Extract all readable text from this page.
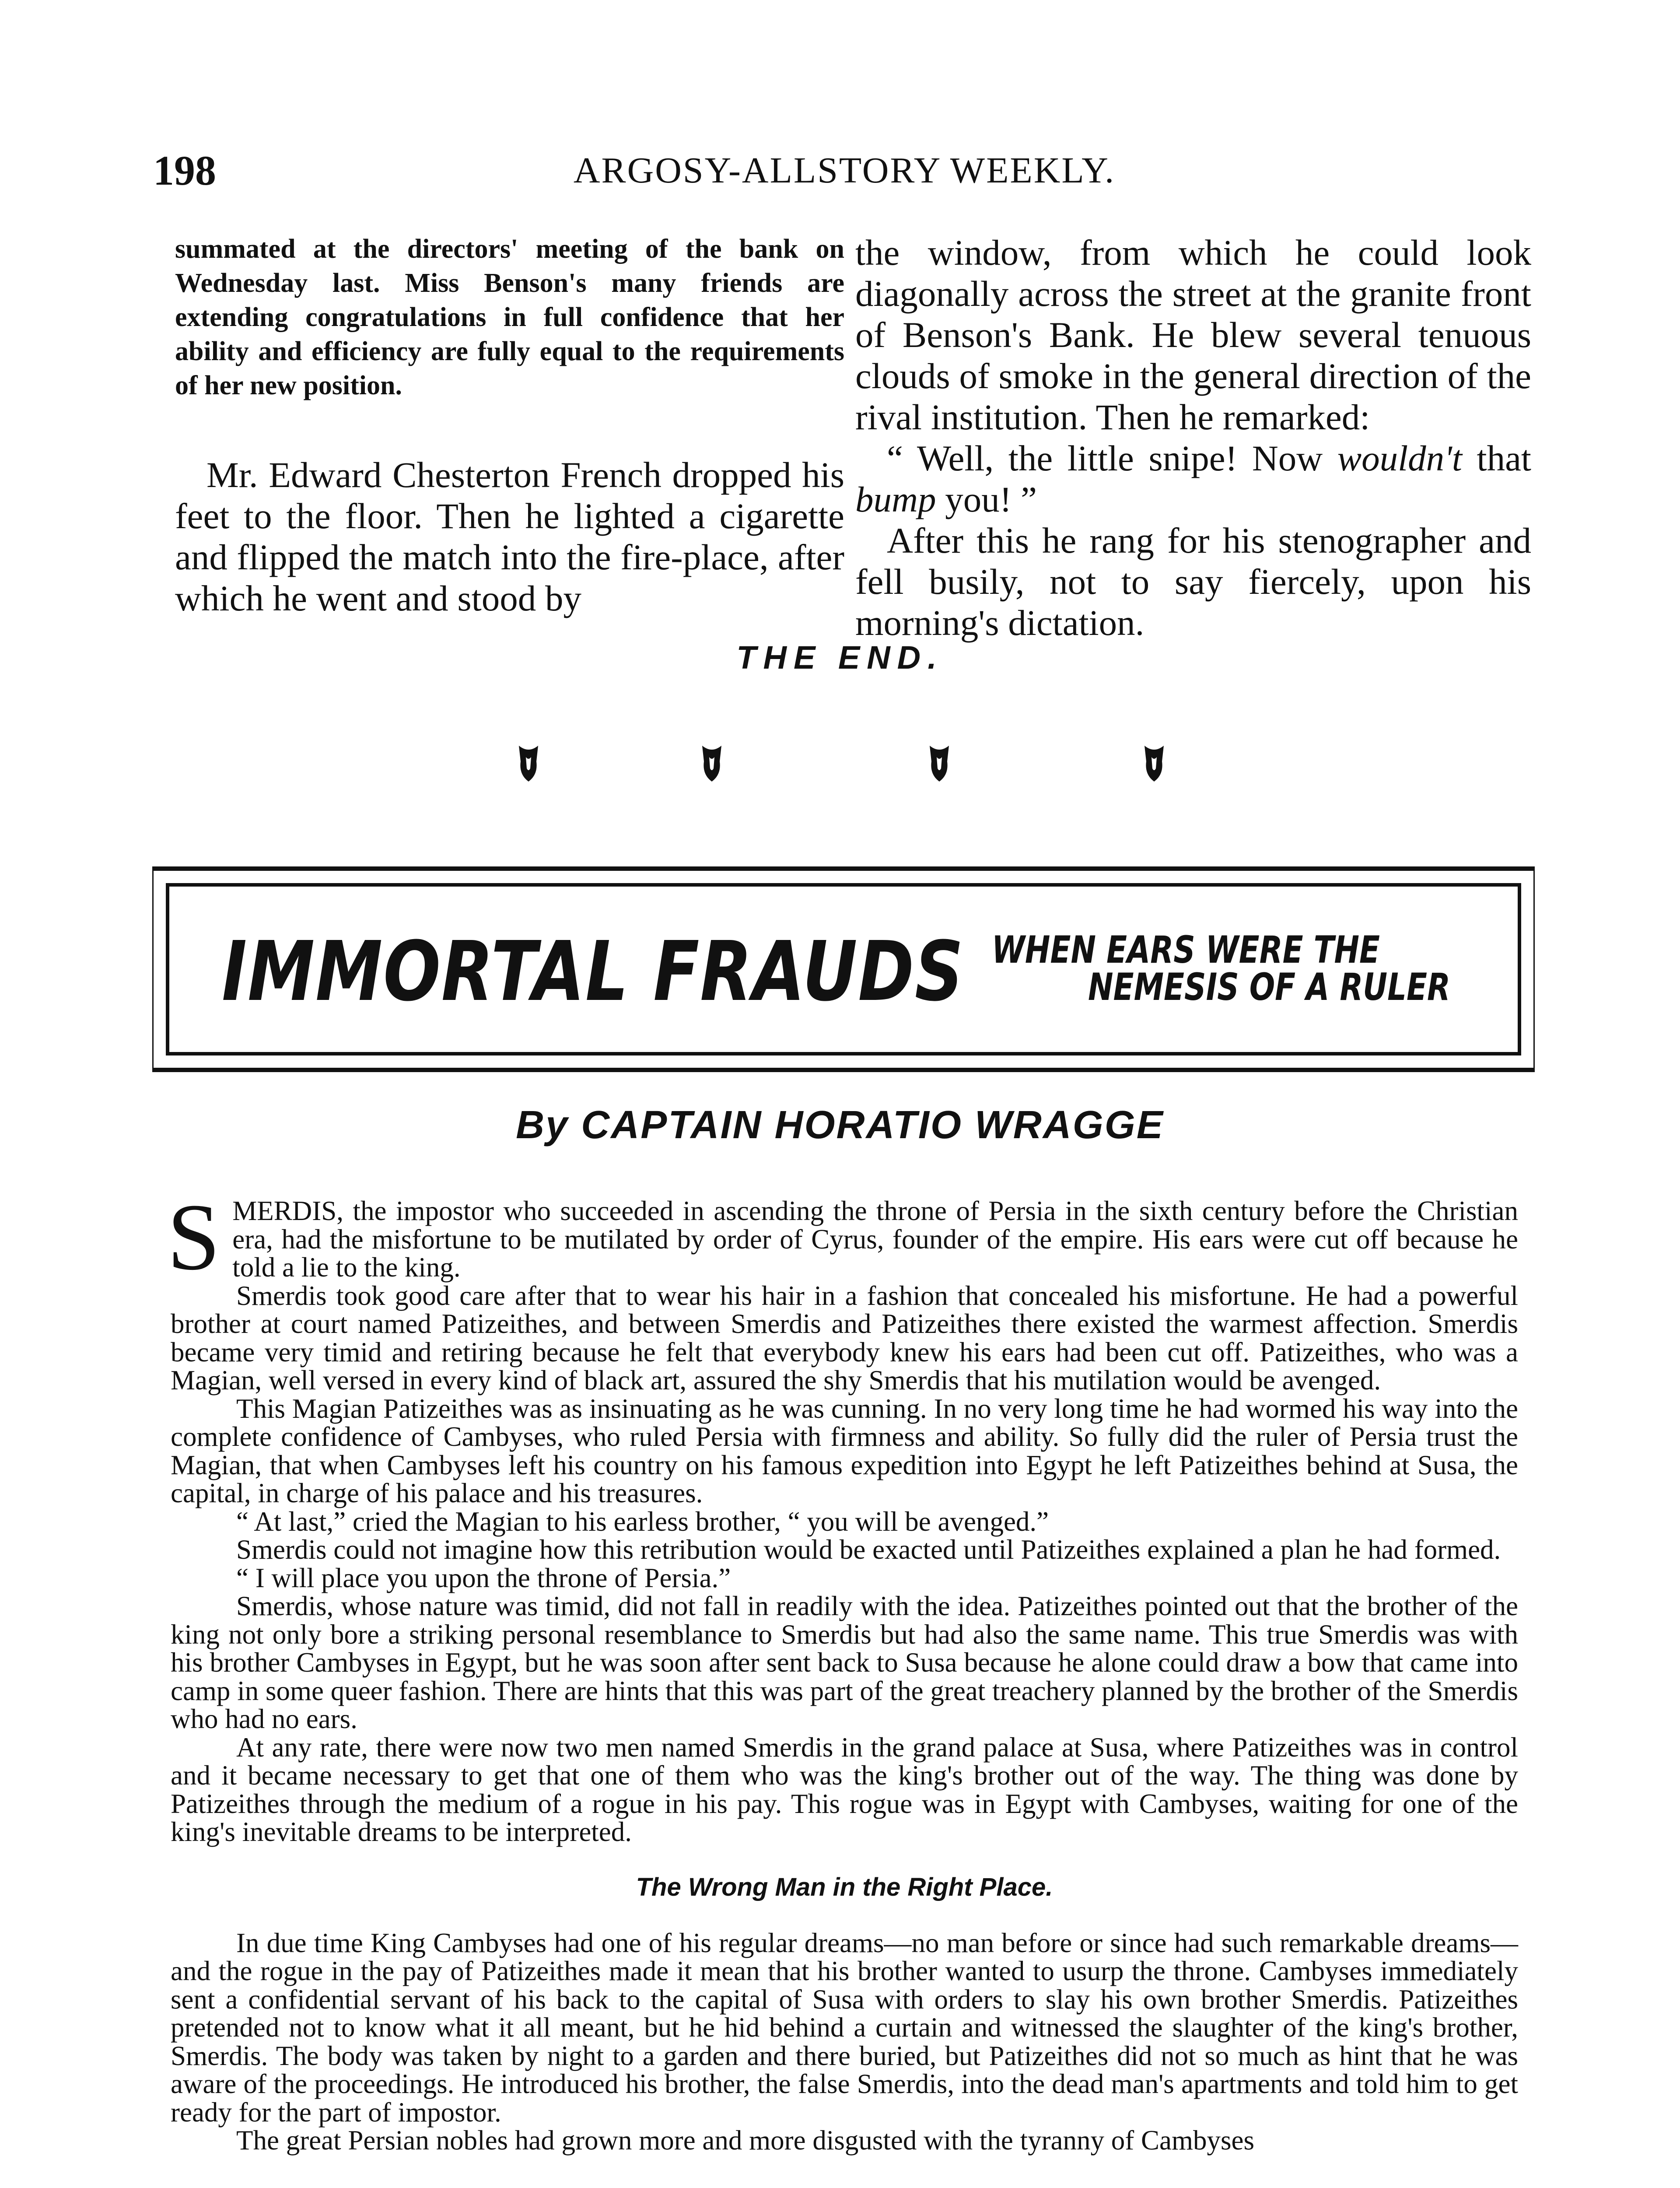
198	ARGOSY-ALLSTORY WEEKLY.

summated at the directors' meeting of the bank on Wednesday last. Miss Benson's many friends are extending congratulations in full confidence that her ability and efficiency are fully equal to the requirements of her new position.

Mr. Edward Chesterton French dropped his feet to the floor. Then he lighted a cigarette and flipped the match into the fire-place, after which he went and stood by

the window, from which he could look diagonally across the street at the granite front of Benson's Bank. He blew several tenuous clouds of smoke in the general direction of the rival institution. Then he remarked:

“ Well, the little snipe! Now wouldn't that bump you! ”

After this he rang for his stenographer and fell busily, not to say fiercely, upon his morning's dictation.

THE END.
IMMORTAL FRAUDS WHEN EARS WERE THE
NEMESIS OF A RULER
By CAPTAIN HORATIO WRAGGE

SMERDIS, the impostor who succeeded in ascending the throne of Persia in the sixth century before the Christian era, had the misfortune to be mutilated by order of Cyrus, founder of the empire. His ears were cut off because he told a lie to the king.

Smerdis took good care after that to wear his hair in a fashion that concealed his misfortune. He had a powerful brother at court named Patizeithes, and between Smerdis and Patizeithes there existed the warmest affection. Smerdis became very timid and retiring because he felt that everybody knew his ears had been cut off. Patizeithes, who was a Magian, well versed in every kind of black art, assured the shy Smerdis that his mutilation would be avenged.

This Magian Patizeithes was as insinuating as he was cunning. In no very long time he had wormed his way into the complete confidence of Cambyses, who ruled Persia with firmness and ability. So fully did the ruler of Persia trust the Magian, that when Cambyses left his country on his famous expedition into Egypt he left Patizeithes behind at Susa, the capital, in charge of his palace and his treasures.

“ At last,” cried the Magian to his earless brother, “ you will be avenged.”

Smerdis could not imagine how this retribution would be exacted until Patizeithes explained a plan he had formed.

“ I will place you upon the throne of Persia.”

Smerdis, whose nature was timid, did not fall in readily with the idea. Patizeithes pointed out that the brother of the king not only bore a striking personal resemblance to Smerdis but had also the same name. This true Smerdis was with his brother Cambyses in Egypt, but he was soon after sent back to Susa because he alone could draw a bow that came into camp in some queer fashion. There are hints that this was part of the great treachery planned by the brother of the Smerdis who had no ears.

At any rate, there were now two men named Smerdis in the grand palace at Susa, where Patizeithes was in control and it became necessary to get that one of them who was the king's brother out of the way. The thing was done by Patizeithes through the medium of a rogue in his pay. This rogue was in Egypt with Cambyses, waiting for one of the king's inevitable dreams to be interpreted.

The Wrong Man in the Right Place.

In due time King Cambyses had one of his regular dreams—no man before or since had such remarkable dreams—and the rogue in the pay of Patizeithes made it mean that his brother wanted to usurp the throne. Cambyses immediately sent a confidential servant of his back to the capital of Susa with orders to slay his own brother Smerdis. Patizeithes pretended not to know what it all meant, but he hid behind a curtain and witnessed the slaughter of the king's brother, Smerdis. The body was taken by night to a garden and there buried, but Patizeithes did not so much as hint that he was aware of the proceedings. He introduced his brother, the false Smerdis, into the dead man's apartments and told him to get ready for the part of impostor.

The great Persian nobles had grown more and more disgusted with the tyranny of Cambyses
